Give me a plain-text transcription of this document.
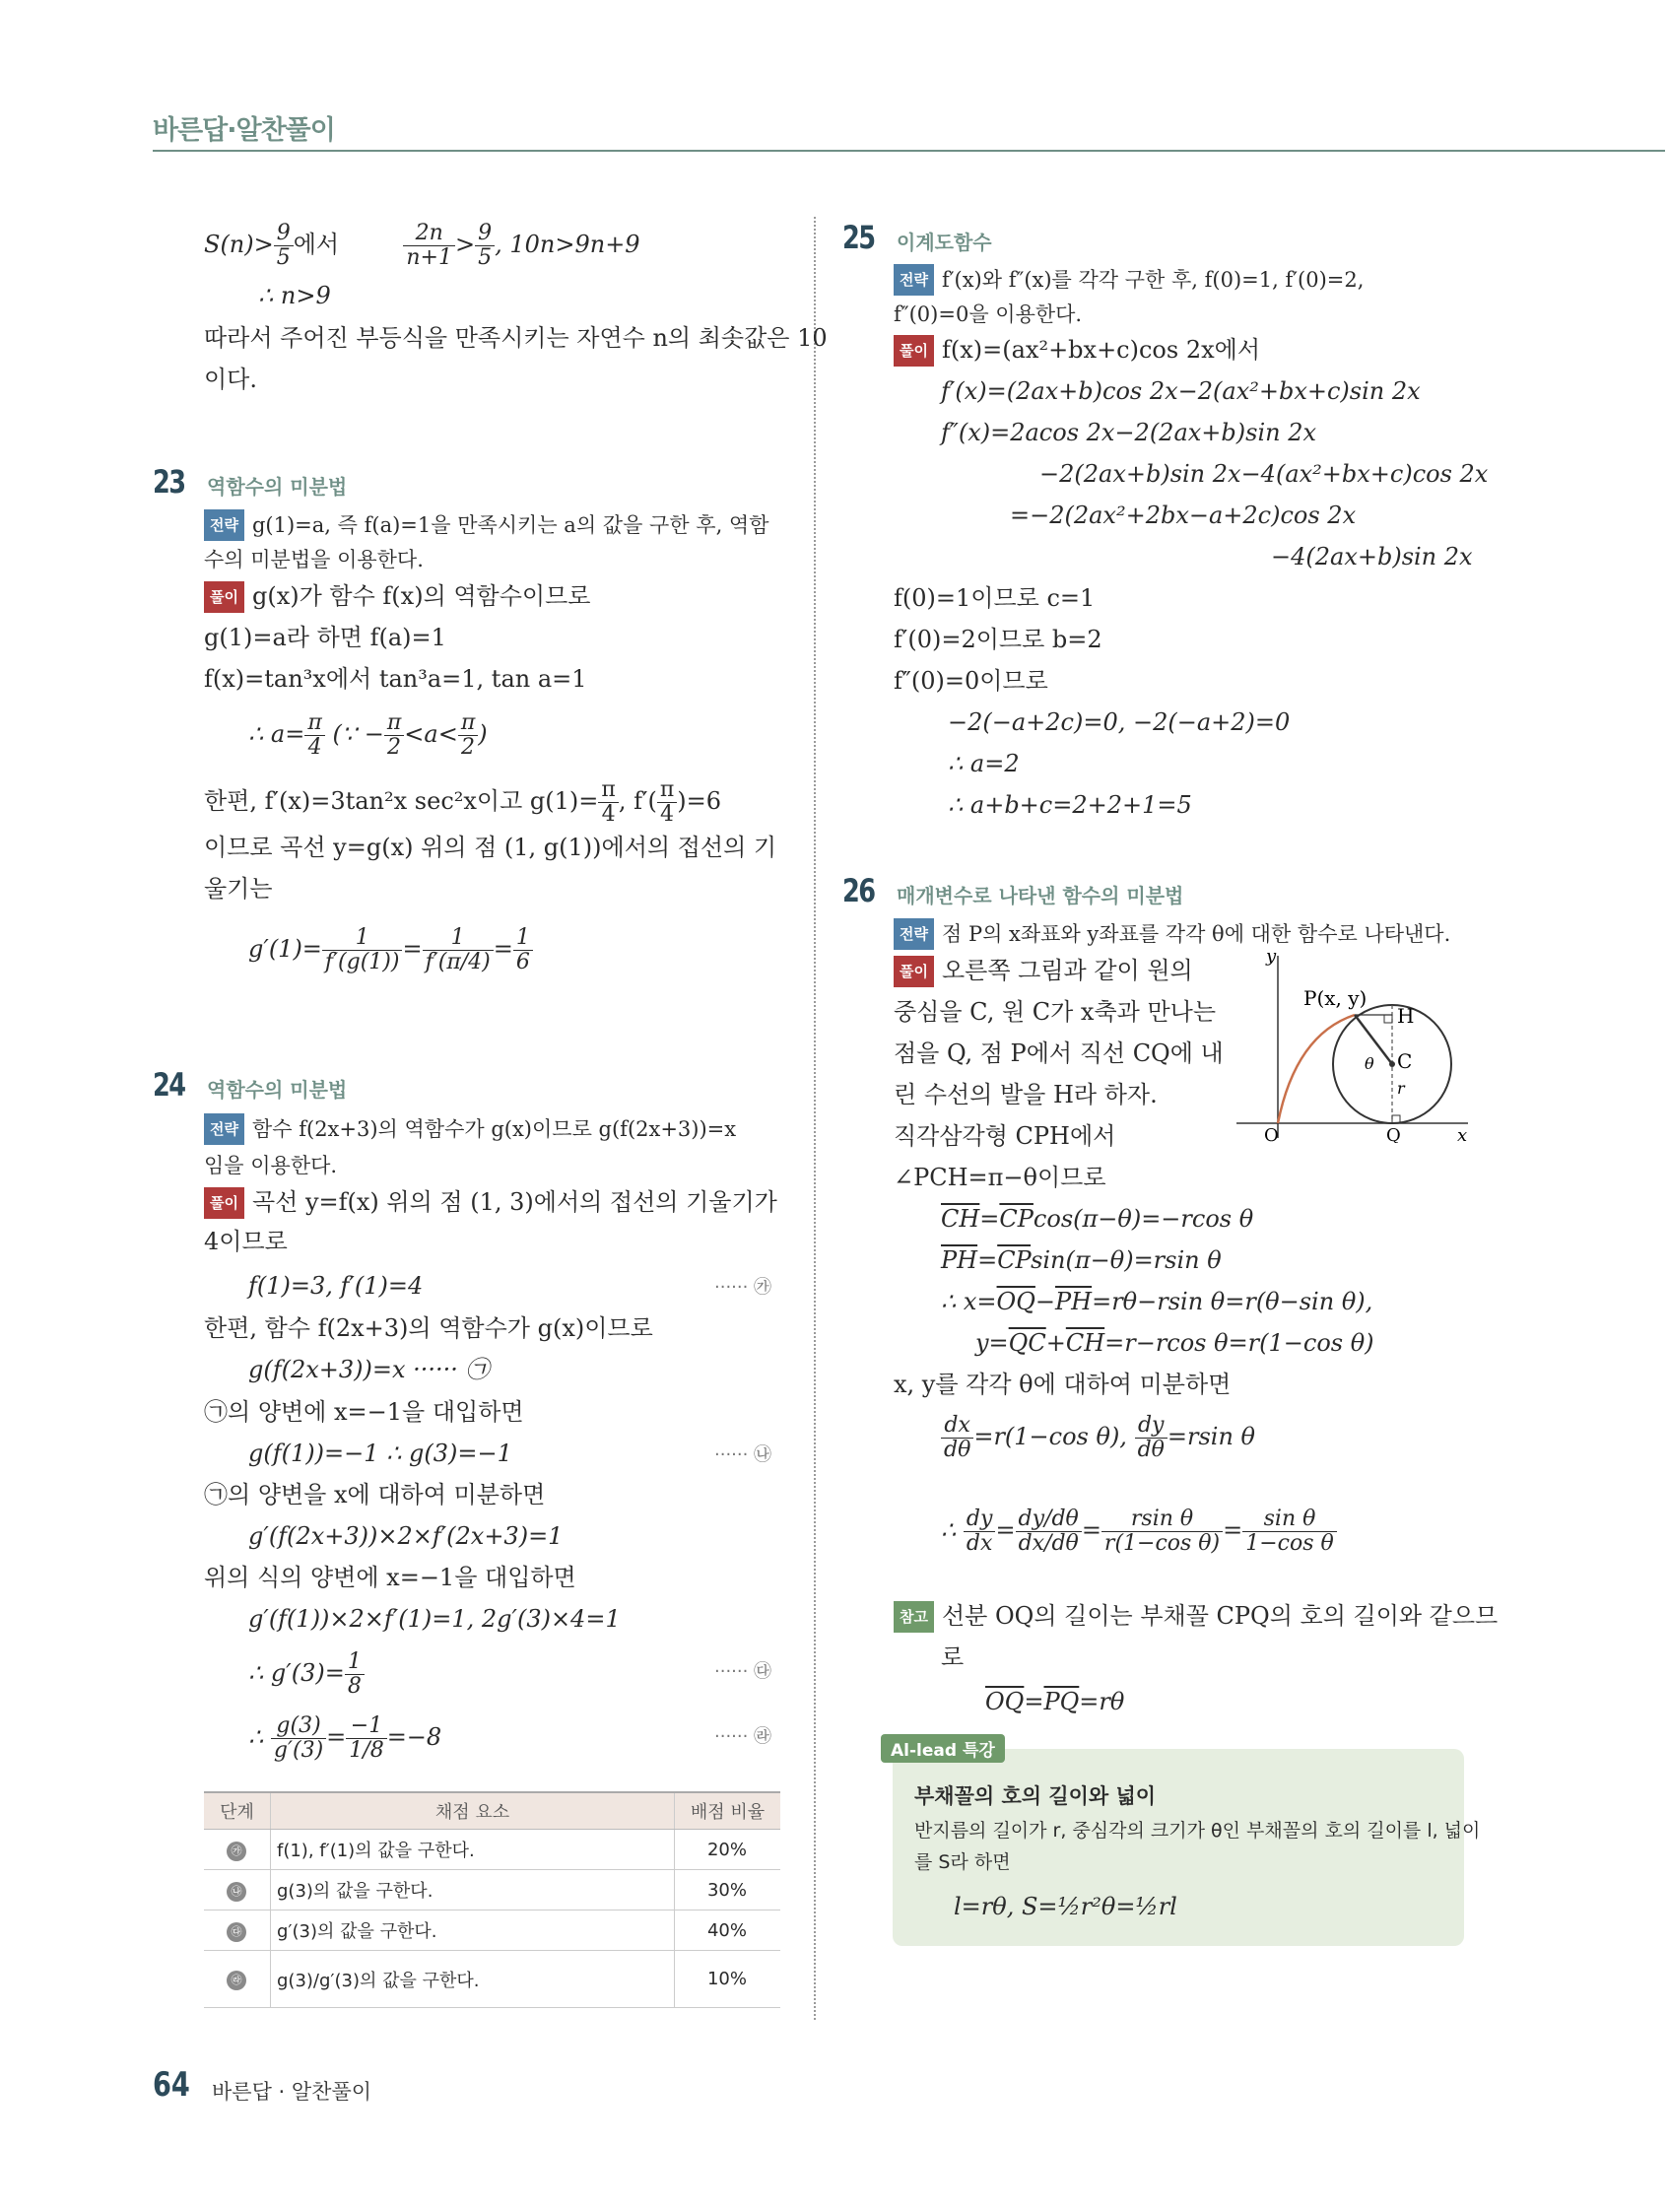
바른답·알찬풀이
$S(n)> \frac{9}{5}$ 에서	$\frac{2n}{n+1} > \frac{9}{5}$ , 10n>9n+9
∴ n>9
따라서 주어진 부등식을 만족시키는 자연수 n의 최솟값은 10
이다.
23 역함수의 미분법
전략 g(1)=a, 즉 f(a)=1을 만족시키는 a의 값을 구한 후, 역함
수의 미분법을 이용한다.
풀이 g(x)가 함수 f(x)의 역함수이므로
g(1)=a라 하면 f(a)=1
f(x)=tan³x에서 tan³a=1, tan a=1
∴ $a= \frac{\pi}{4}$ (∵ − $\frac{\pi}{2} <a< \frac{\pi}{2}$ )
한편, f′(x)=3tan²x sec²x이고 $g(1)= \frac{\pi}{4}$ , $f'( \frac{\pi}{4} )=6$
이므로 곡선 y=g(x) 위의 점 (1, g(1))에서의 접선의 기
울기는
$g'(1)= \frac{1}{f'(g(1))} = \frac{1}{f'(\pi/4)} = \frac{1}{6}$
24 역함수의 미분법
전략 함수 f(2x+3)의 역함수가 g(x)이므로 g(f(2x+3))=x
임을 이용한다.
풀이 곡선 y=f(x) 위의 점 (1, 3)에서의 접선의 기울기가
4이므로
f(1)=3, f′(1)=4	······ ㉮
한편, 함수 f(2x+3)의 역함수가 g(x)이므로
g(f(2x+3))=x ······ ㉠
㉠의 양변에 x=−1을 대입하면
g(f(1))=−1 ∴ g(3)=−1	······ ㉯
㉠의 양변을 x에 대하여 미분하면
g′(f(2x+3))×2×f′(2x+3)=1
위의 식의 양변에 x=−1을 대입하면
g′(f(1))×2×f′(1)=1, 2g′(3)×4=1
∴ $g'(3)= \frac{1}{8}$	······ ㉰
∴ $\frac{g(3)}{g'(3)} = \frac{-1}{1/8} =-8$	······ ㉱
단계	채점 요소	배점 비율
㉮	f(1), f′(1)의 값을 구한다.	20%
㉯	g(3)의 값을 구한다.	30%
㉰	g′(3)의 값을 구한다.	40%
㉱	g(3)/g′(3)의 값을 구한다.	10%
25 이계도함수
전략 f′(x)와 f″(x)를 각각 구한 후, f(0)=1, f′(0)=2,
f″(0)=0을 이용한다.
풀이 f(x)=(ax²+bx+c)cos 2x에서
f′(x)=(2ax+b)cos 2x−2(ax²+bx+c)sin 2x
f″(x)=2acos 2x−2(2ax+b)sin 2x
−2(2ax+b)sin 2x−4(ax²+bx+c)cos 2x
=−2(2ax²+2bx−a+2c)cos 2x
−4(2ax+b)sin 2x
f(0)=1이므로 c=1
f′(0)=2이므로 b=2
f″(0)=0이므로
−2(−a+2c)=0, −2(−a+2)=0
∴ a=2
∴ a+b+c=2+2+1=5
26 매개변수로 나타낸 함수의 미분법
전략 점 P의 x좌표와 y좌표를 각각 θ에 대한 함수로 나타낸다.
풀이 오른쪽 그림과 같이 원의
중심을 C, 원 C가 x축과 만나는
점을 Q, 점 P에서 직선 CQ에 내
린 수선의 발을 H라 하자.
직각삼각형 CPH에서
∠PCH=π−θ이므로
$\overline{CH}=\overline{CP}\cos(\pi-\theta)=-rcos$ θ
$\overline{PH}=\overline{CP}\sin(\pi-\theta)=rsin$ θ
∴ $x=\overline{OQ}-\overline{PH}=r\theta-rsin$ θ=r(θ−sin θ),
$y=\overline{QC}+\overline{CH}=r-rcos$ θ=r(1−cos θ)
x, y를 각각 θ에 대하여 미분하면
$\frac{dx}{d\theta} =r(1-\cos$ θ), $\frac{dy}{d\theta} =rsin$ θ
∴ $\frac{dy}{dx} = \frac{dy/d\theta}{dx/d\theta} = \frac{\text{rsin θ}}{\text{r(1−cos θ)}} = \frac{\text{sin θ}}{\text{1−cos θ}}$
참고 선분 OQ의 길이는 부채꼴 CPQ의 호의 길이와 같으므
로
$\overline{OQ}=\overline{PQ}=r\theta$
P(x, y)
H
C
θ
r
O	Q	x
y
Al-lead 특강
부채꼴의 호의 길이와 넓이
반지름의 길이가 r, 중심각의 크기가 θ인 부채꼴의 호의 길이를 l, 넓이
를 S라 하면
l=rθ, S=½r²θ=½rl
64 바른답 · 알찬풀이
